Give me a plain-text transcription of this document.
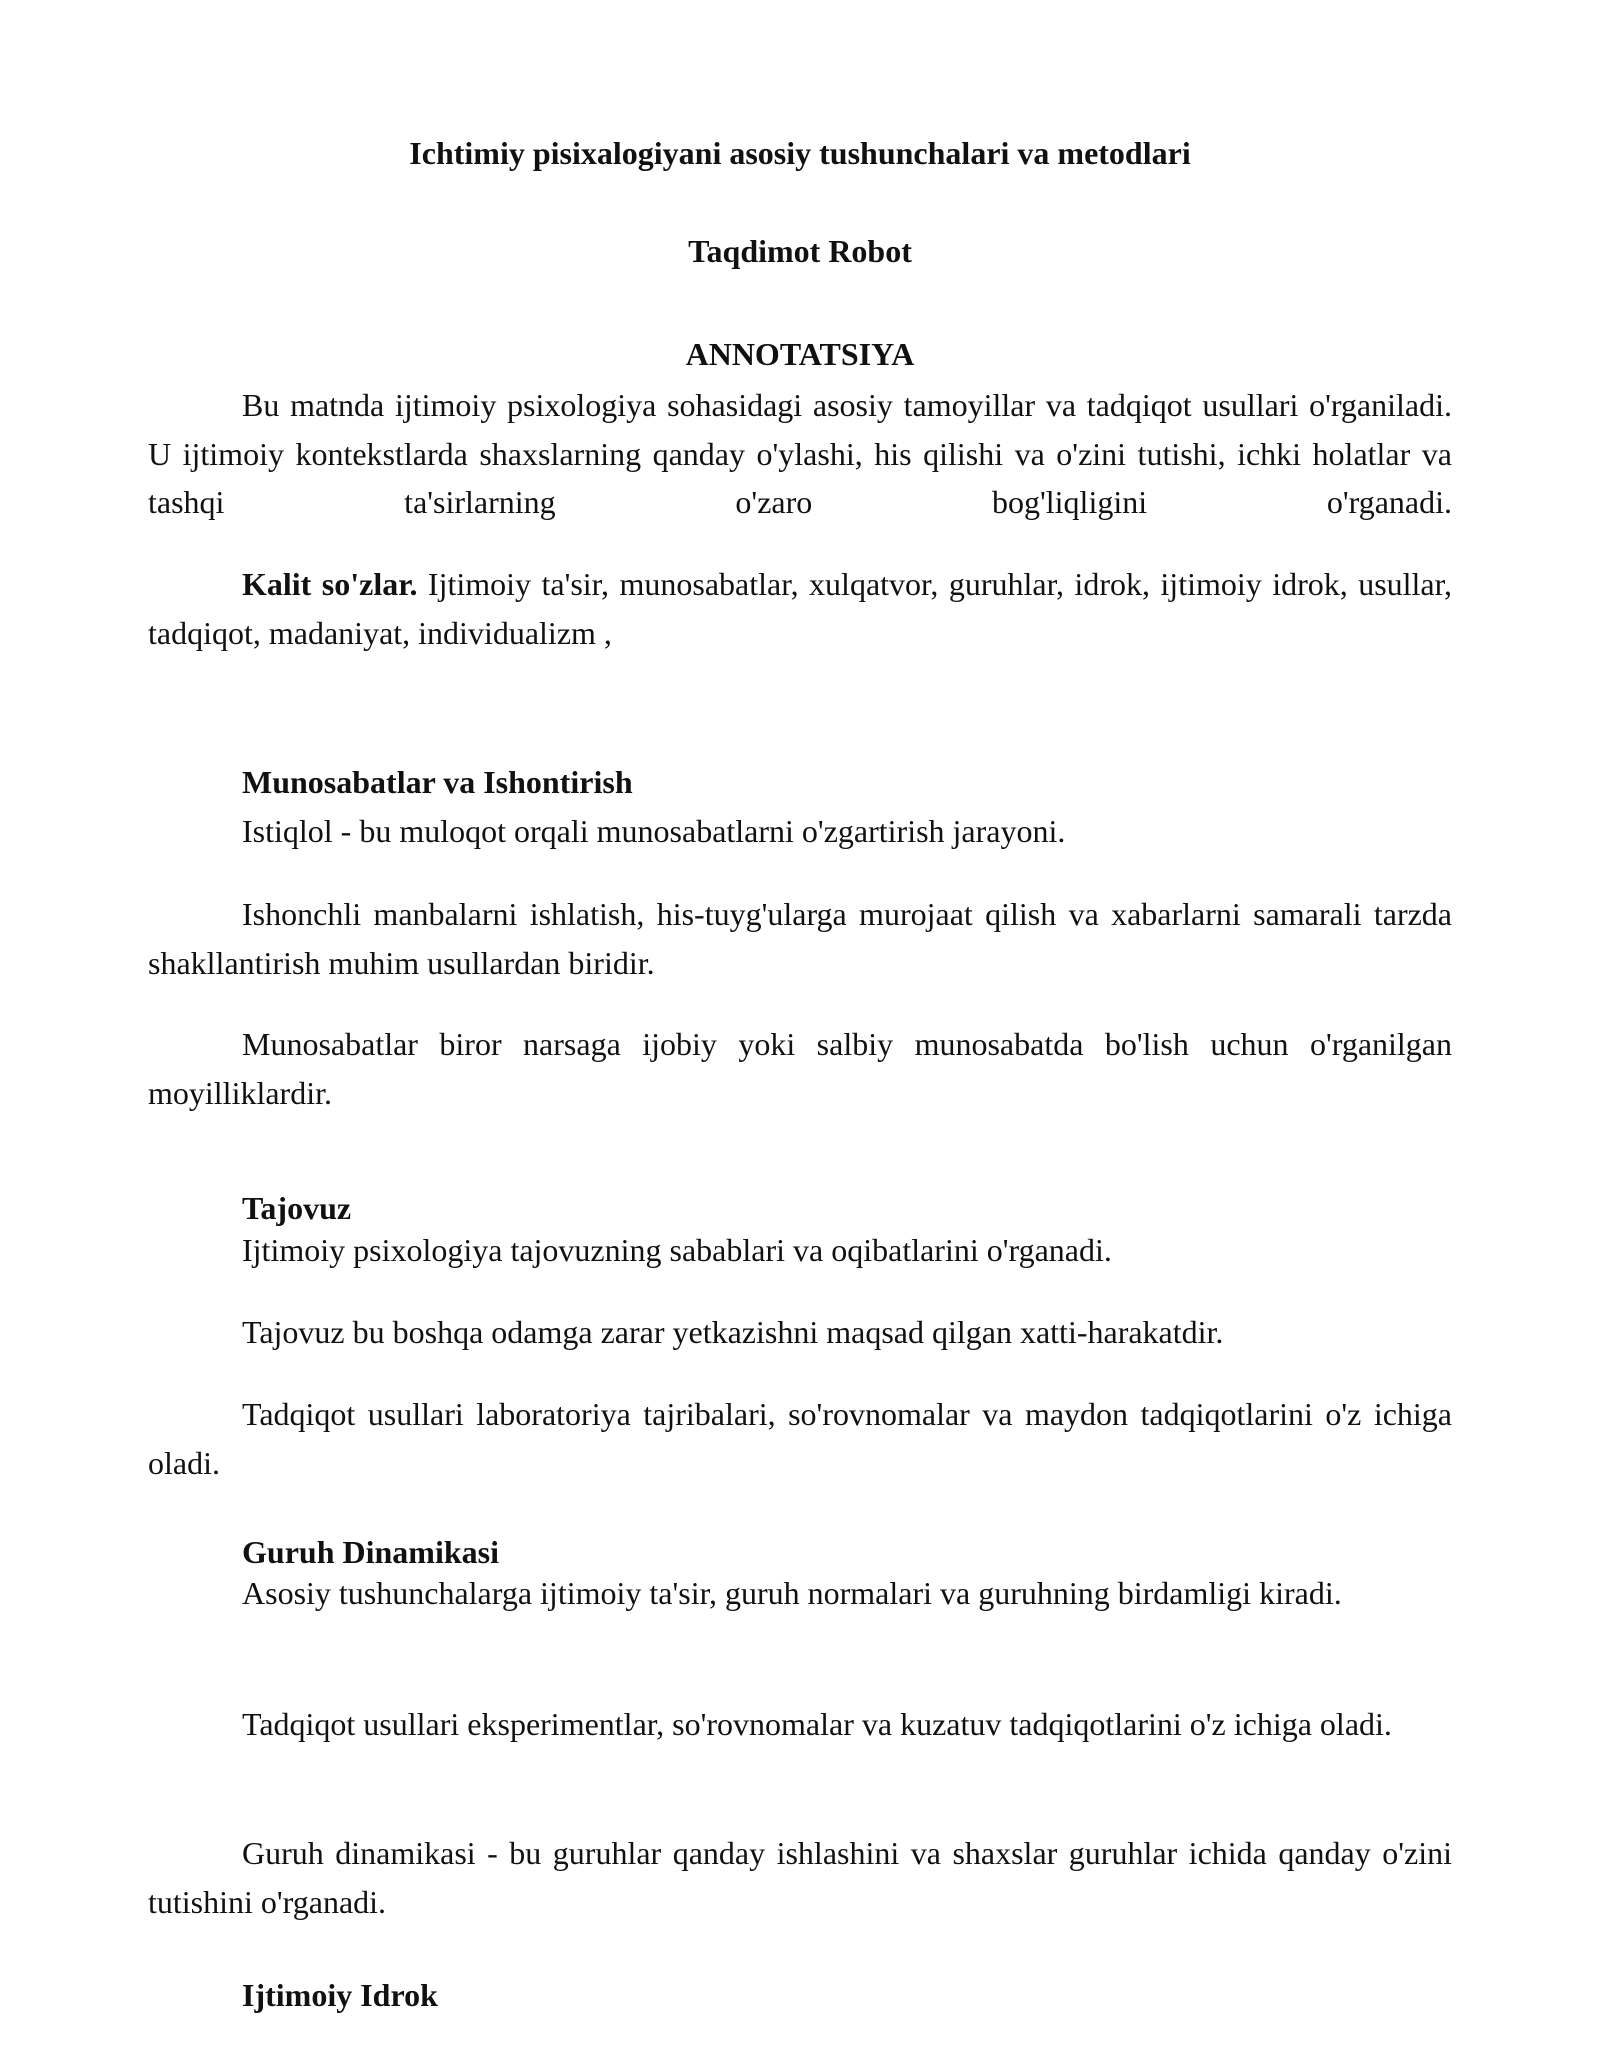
Ichtimiy pisixalogiyani asosiy tushunchalari va metodlari

Taqdimot Robot

ANNOTATSIYA

Bu matnda ijtimoiy psixologiya sohasidagi asosiy tamoyillar va tadqiqot usullari o'rganiladi. U ijtimoiy kontekstlarda shaxslarning qanday o'ylashi, his qilishi va o'zini tutishi, ichki holatlar va tashqi ta'sirlarning o'zaro bog'liqligini o'rganadi.

Kalit so'zlar. Ijtimoiy ta'sir, munosabatlar, xulqatvor, guruhlar, idrok, ijtimoiy idrok, usullar, tadqiqot, madaniyat, individualizm ,

Munosabatlar va Ishontirish

Istiqlol - bu muloqot orqali munosabatlarni o'zgartirish jarayoni.

Ishonchli manbalarni ishlatish, his-tuyg'ularga murojaat qilish va xabarlarni samarali tarzda shakllantirish muhim usullardan biridir.

Munosabatlar biror narsaga ijobiy yoki salbiy munosabatda bo'lish uchun o'rganilgan moyilliklardir.

Tajovuz

Ijtimoiy psixologiya tajovuzning sabablari va oqibatlarini o'rganadi.

Tajovuz bu boshqa odamga zarar yetkazishni maqsad qilgan xatti-harakatdir.

Tadqiqot usullari laboratoriya tajribalari, so'rovnomalar va maydon tadqiqotlarini o'z ichiga oladi.

Guruh Dinamikasi

Asosiy tushunchalarga ijtimoiy ta'sir, guruh normalari va guruhning birdamligi kiradi.

Tadqiqot usullari eksperimentlar, so'rovnomalar va kuzatuv tadqiqotlarini o'z ichiga oladi.

Guruh dinamikasi - bu guruhlar qanday ishlashini va shaxslar guruhlar ichida qanday o'zini tutishini o'rganadi.

Ijtimoiy Idrok
